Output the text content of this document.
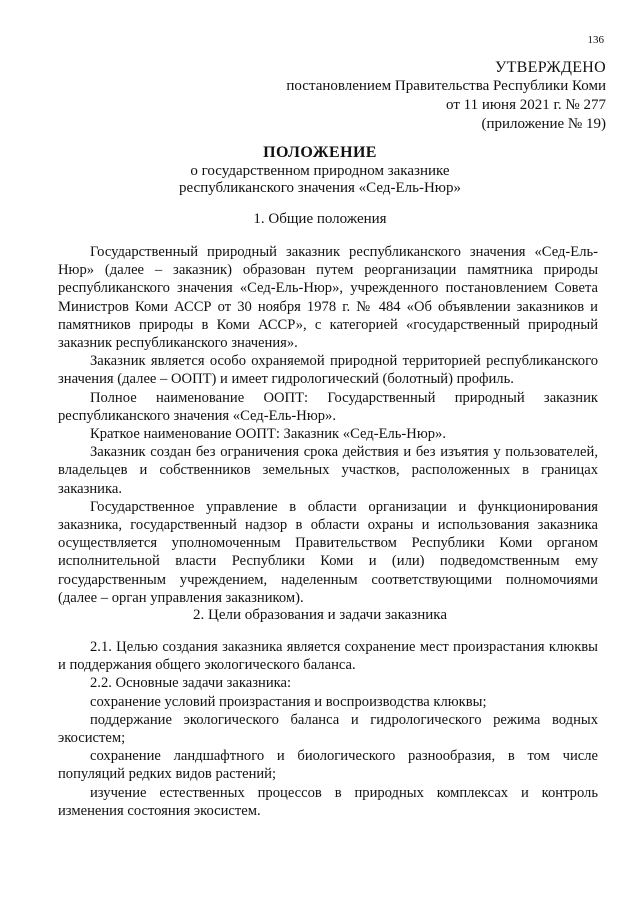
136
УТВЕРЖДЕНО
постановлением Правительства Республики Коми
от 11 июня 2021 г. № 277
(приложение № 19)
ПОЛОЖЕНИЕ
о государственном природном заказнике
республиканского значения «Сед-Ель-Нюр»
1. Общие положения

Государственный природный заказник республиканского значения «Сед-Ель-Нюр» (далее – заказник) образован путем реорганизации памятника природы республиканского значения «Сед-Ель-Нюр», учрежденного постановлением Совета Министров Коми АССР от 30 ноября 1978 г. № 484 «Об объявлении заказников и памятников природы в Коми АССР», с категорией «государственный природный заказник республиканского значения».

Заказник является особо охраняемой природной территорией республиканского значения (далее – ООПТ) и имеет гидрологический (болотный) профиль.

Полное наименование ООПТ: Государственный природный заказник республиканского значения «Сед-Ель-Нюр».

Краткое наименование ООПТ: Заказник «Сед-Ель-Нюр».

Заказник создан без ограничения срока действия и без изъятия у пользователей, владельцев и собственников земельных участков, расположенных в границах заказника.

Государственное управление в области организации и функционирования заказника, государственный надзор в области охраны и использования заказника осуществляется уполномоченным Правительством Республики Коми органом исполнительной власти Республики Коми и (или) подведомственным ему государственным учреждением, наделенным соответствующими полномочиями (далее – орган управления заказником).

2. Цели образования и задачи заказника

2.1. Целью создания заказника является сохранение мест произрастания клюквы и поддержания общего экологического баланса.

2.2. Основные задачи заказника:

сохранение условий произрастания и воспроизводства клюквы;

поддержание экологического баланса и гидрологического режима водных экосистем;

сохранение ландшафтного и биологического разнообразия, в том числе популяций редких видов растений;

изучение естественных процессов в природных комплексах и контроль изменения состояния экосистем.
